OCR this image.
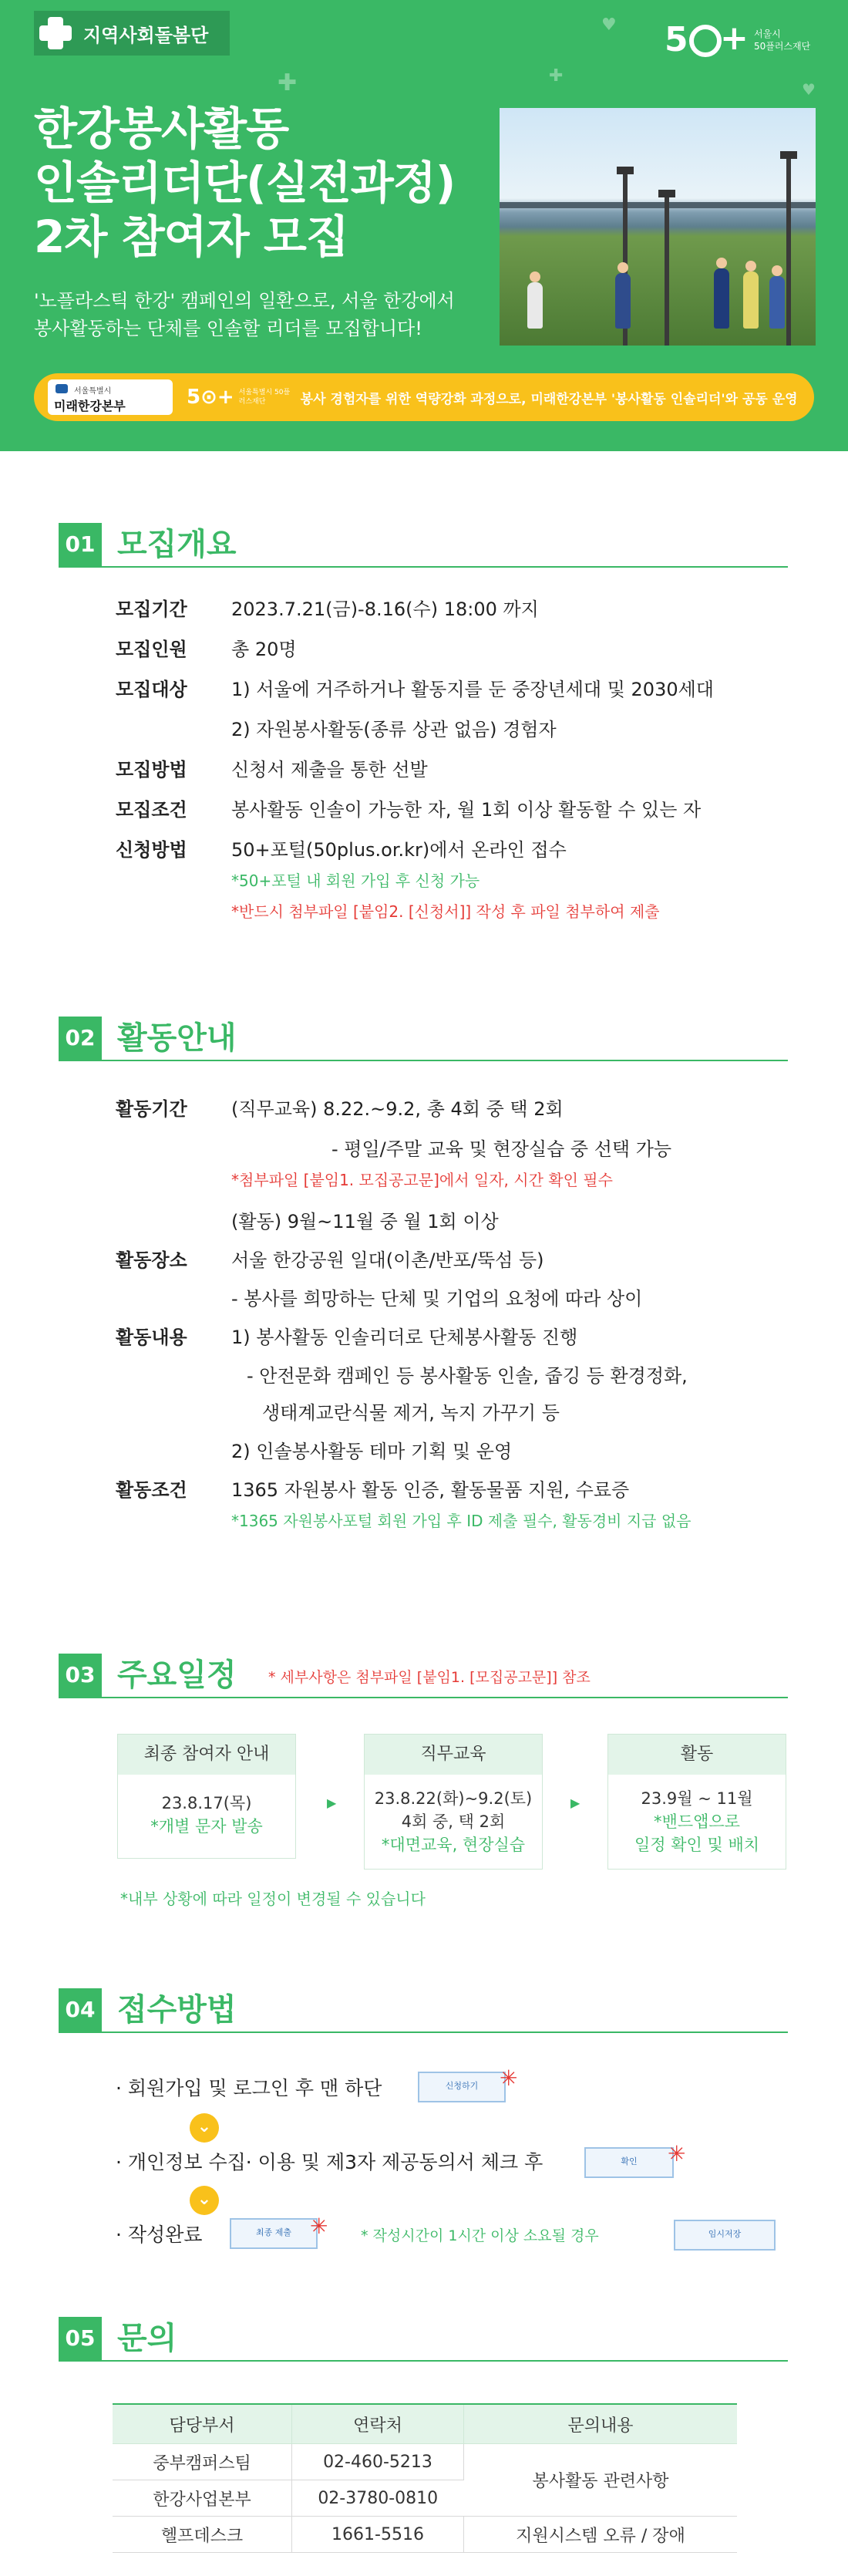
지역사회돌봄단	5 + 서울시
50플러스재단
✚	✚
♥
♥
한강봉사활동
인솔리더단(실전과정)
2차 참여자 모집
'노플라스틱 한강' 캠페인의 일환으로, 서울 한강에서
봉사활동하는 단체를 인솔할 리더를 모집합니다!
서울특별시
미래한강본부	5⊙+ 서울특별시 50플러스재단	봉사 경험자를 위한 역량강화 과정으로, 미래한강본부 '봉사활동 인솔리더'와 공동 운영
01 모집개요
모집기간	2023.7.21(금)-8.16(수) 18:00 까지
모집인원	총 20명
모집대상	1) 서울에 거주하거나 활동지를 둔 중장년세대 및 2030세대
2) 자원봉사활동(종류 상관 없음) 경험자
모집방법	신청서 제출을 통한 선발
모집조건	봉사활동 인솔이 가능한 자, 월 1회 이상 활동할 수 있는 자
신청방법	50+포털(50plus.or.kr)에서 온라인 접수
*50+포털 내 회원 가입 후 신청 가능
*반드시 첨부파일 [붙임2. [신청서]] 작성 후 파일 첨부하여 제출
02 활동안내
활동기간	(직무교육) 8.22.~9.2, 총 4회 중 택 2회
- 평일/주말 교육 및 현장실습 중 선택 가능
*첨부파일 [붙임1. 모집공고문]에서 일자, 시간 확인 필수
(활동) 9월~11월 중 월 1회 이상
활동장소	서울 한강공원 일대(이촌/반포/뚝섬 등)
- 봉사를 희망하는 단체 및 기업의 요청에 따라 상이
활동내용	1) 봉사활동 인솔리더로 단체봉사활동 진행
- 안전문화 캠페인 등 봉사활동 인솔, 줍깅 등 환경정화,
생태계교란식물 제거, 녹지 가꾸기 등
2) 인솔봉사활동 테마 기획 및 운영
활동조건	1365 자원봉사 활동 인증, 활동물품 지원, 수료증
*1365 자원봉사포털 회원 가입 후 ID 제출 필수, 활동경비 지급 없음
03 주요일정 * 세부사항은 첨부파일 [붙임1. [모집공고문]] 참조
최종 참여자 안내
23.8.17(목)
*개별 문자 발송
▶
직무교육
23.8.22(화)~9.2(토)
4회 중, 택 2회
*대면교육, 현장실습
▶
활동
23.9월 ~ 11월
*밴드앱으로
일정 확인 및 배치
*내부 상황에 따라 일정이 변경될 수 있습니다
04 접수방법
· 회원가입 및 로그인 후 맨 하단	신청하기 ✳
⌄
· 개인정보 수집· 이용 및 제3자 제공동의서 체크 후	확인	✳
⌄
· 작성완료	최종 제출 ✳ * 작성시간이 1시간 이상 소요될 경우	임시저장
05 문의
담당부서	연락처	문의내용
중부캠퍼스팀	02-460-5213	봉사활동 관련사항
한강사업본부	02-3780-0810	
헬프데스크	1661-5516	지원시스템 오류 / 장애
